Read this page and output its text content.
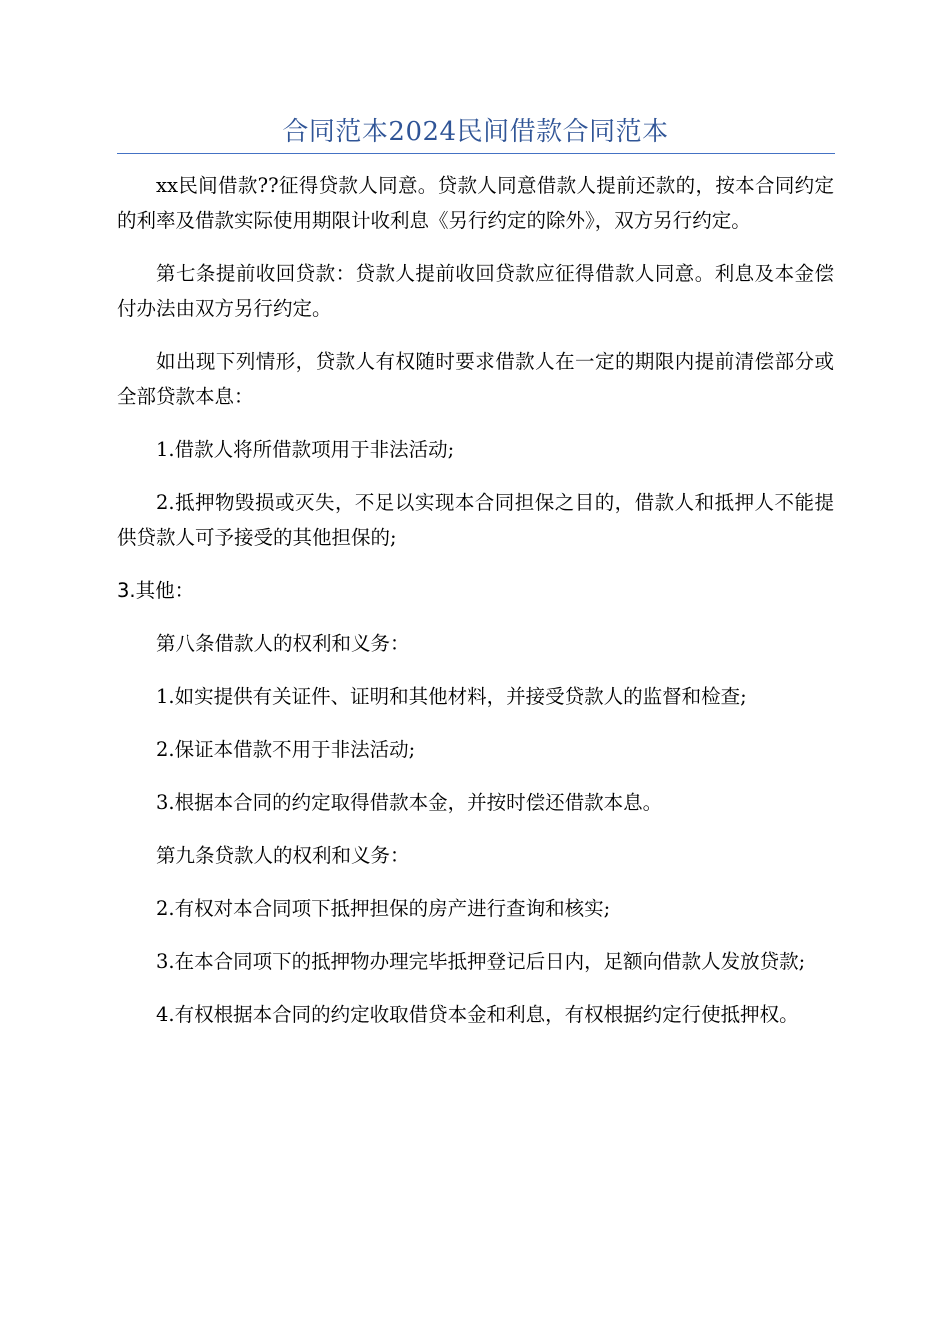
合同范本2024民间借款合同范本

xx民间借款??征得贷款人同意。贷款人同意借款人提前还款的，按本合同约定的利率及借款实际使用期限计收利息《另行约定的除外》，双方另行约定。

第七条提前收回贷款：贷款人提前收回贷款应征得借款人同意。利息及本金偿付办法由双方另行约定。

如出现下列情形，贷款人有权随时要求借款人在一定的期限内提前清偿部分或全部贷款本息：

1.借款人将所借款项用于非法活动;

2.抵押物毁损或灭失，不足以实现本合同担保之目的，借款人和抵押人不能提供贷款人可予接受的其他担保的;

3.其他：

第八条借款人的权利和义务：

1.如实提供有关证件、证明和其他材料，并接受贷款人的监督和检查;

2.保证本借款不用于非法活动;

3.根据本合同的约定取得借款本金，并按时偿还借款本息。

第九条贷款人的权利和义务：

2.有权对本合同项下抵押担保的房产进行查询和核实;

3.在本合同项下的抵押物办理完毕抵押登记后日内，足额向借款人发放贷款;

4.有权根据本合同的约定收取借贷本金和利息，有权根据约定行使抵押权。
